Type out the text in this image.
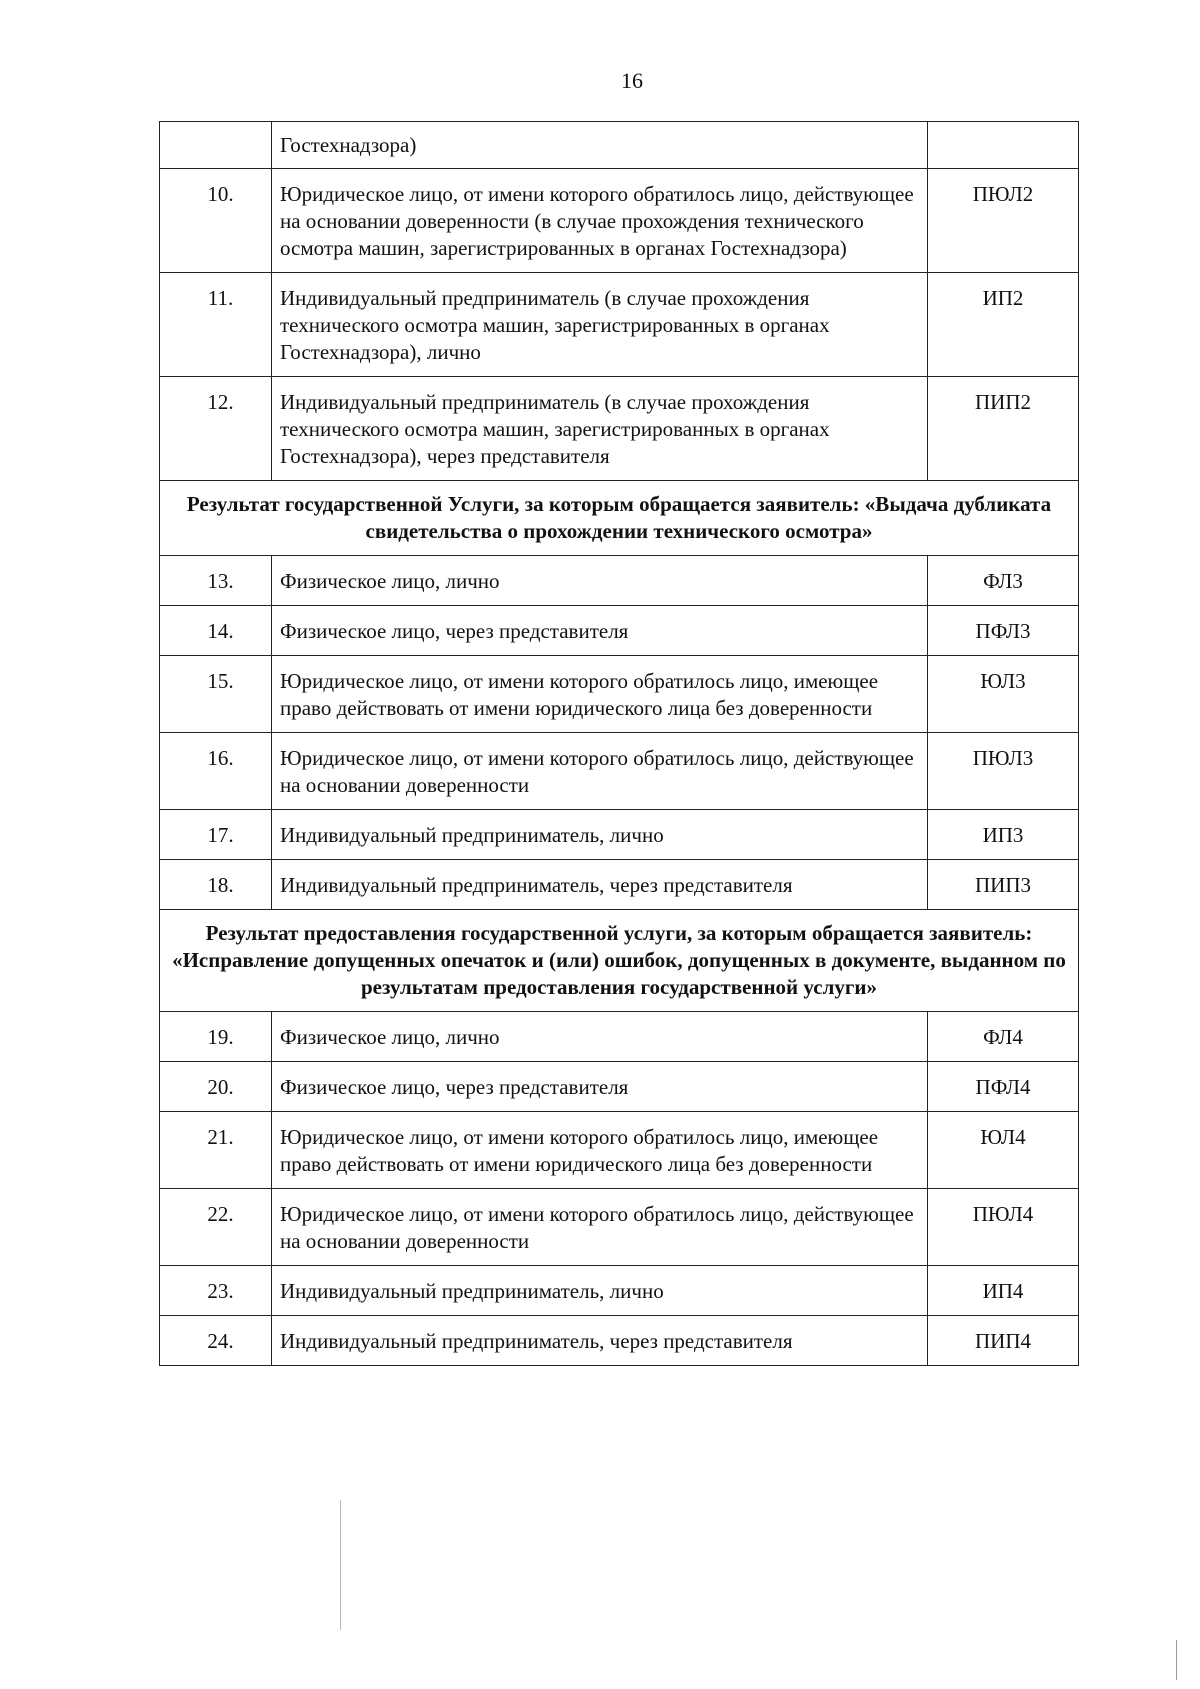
16
	Гостехнадзора)	
10.	Юридическое лицо, от имени которого обратилось лицо, действующее на основании доверенности (в случае прохождения технического осмотра машин, зарегистрированных в органах Гостехнадзора)	ПЮЛ2
11.	Индивидуальный предприниматель (в случае прохождения технического осмотра машин, зарегистрированных в органах Гостехнадзора), лично	ИП2
12.	Индивидуальный предприниматель (в случае прохождения технического осмотра машин, зарегистрированных в органах Гостехнадзора), через представителя	ПИП2
Результат государственной Услуги, за которым обращается заявитель: «Выдача дубликата свидетельства о прохождении технического осмотра»		
13.	Физическое лицо, лично	ФЛ3
14.	Физическое лицо, через представителя	ПФЛ3
15.	Юридическое лицо, от имени которого обратилось лицо, имеющее право действовать от имени юридического лица без доверенности	ЮЛ3
16.	Юридическое лицо, от имени которого обратилось лицо, действующее на основании доверенности	ПЮЛ3
17.	Индивидуальный предприниматель, лично	ИП3
18.	Индивидуальный предприниматель, через представителя	ПИП3
Результат предоставления государственной услуги, за которым обращается заявитель: «Исправление допущенных опечаток и (или) ошибок, допущенных в документе, выданном по результатам предоставления государственной услуги»		
19.	Физическое лицо, лично	ФЛ4
20.	Физическое лицо, через представителя	ПФЛ4
21.	Юридическое лицо, от имени которого обратилось лицо, имеющее право действовать от имени юридического лица без доверенности	ЮЛ4
22.	Юридическое лицо, от имени которого обратилось лицо, действующее на основании доверенности	ПЮЛ4
23.	Индивидуальный предприниматель, лично	ИП4
24.	Индивидуальный предприниматель, через представителя	ПИП4
